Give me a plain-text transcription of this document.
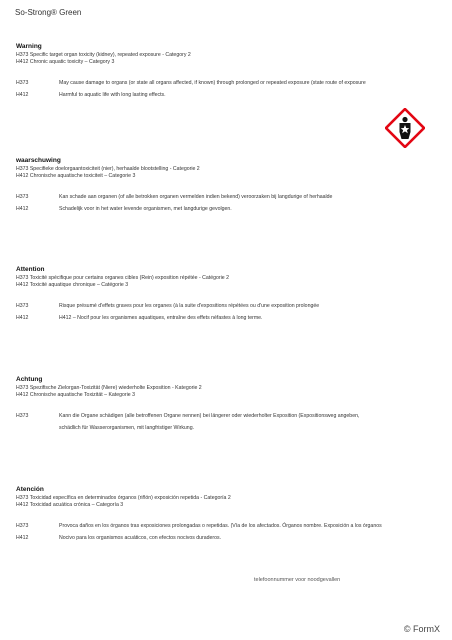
So-Strong® Green
Warning
H373 Specific target organ toxicity (kidney), repeated exposure - Category 2
H412 Chronic aquatic toxicity – Category 3
H373	May cause damage to organs (or state all organs affected, if known) through prolonged or repeated exposure (state route of exposure
H412	Harmful to aquatic life with long lasting effects.
waarschuwing
H373 Specifieke doelorgaantoxiciteit (nier), herhaalde blootstelling - Categorie 2
H412 Chronische aquatische toxiciteit – Categorie 3
H373	Kan schade aan organen (of alle betrokken organen vermelden indien bekend) veroorzaken bij langdurige of herhaalde
H412	Schadelijk voor in het water levende organismen, met langdurige gevolgen.
Attention
H373 Toxicité spécifique pour certains organes cibles (Rein) exposition répétée - Catégorie 2
H412 Toxicité aquatique chronique – Catégorie 3
H373	Risque présumé d'effets graves pour les organes (à la suite d'expositions répétées ou d'une exposition prolongée
H412	H412 – Nocif pour les organismes aquatiques, entraîne des effets néfastes à long terme.
Achtung
H373 Spezifische Zielorgan-Toxizität (Niere) wiederholte Exposition - Kategorie 2
H412 Chronische aquatische Toxizität – Kategorie 3
H373	Kann die Organe schädigen (alle betroffenen Organe nennen) bei längerer oder wiederholter Exposition (Expositionsweg angeben,
schädlich für Wasserorganismen, mit langfristiger Wirkung.
Atención
H373 Toxicidad específica en determinados órganos (riñón) exposición repetida - Categoría 2
H412 Toxicidad acuática crónica – Categoría 3
H373	Provoca daños en los órganos tras exposiciones prolongadas o repetidas. (Vía de los afectados. Órganos nombre. Exposición a los órganos
H412	Nocivo para los organismos acuáticos, con efectos nocivos duraderos.
telefoonnummer voor noodgevallen
© FormX
